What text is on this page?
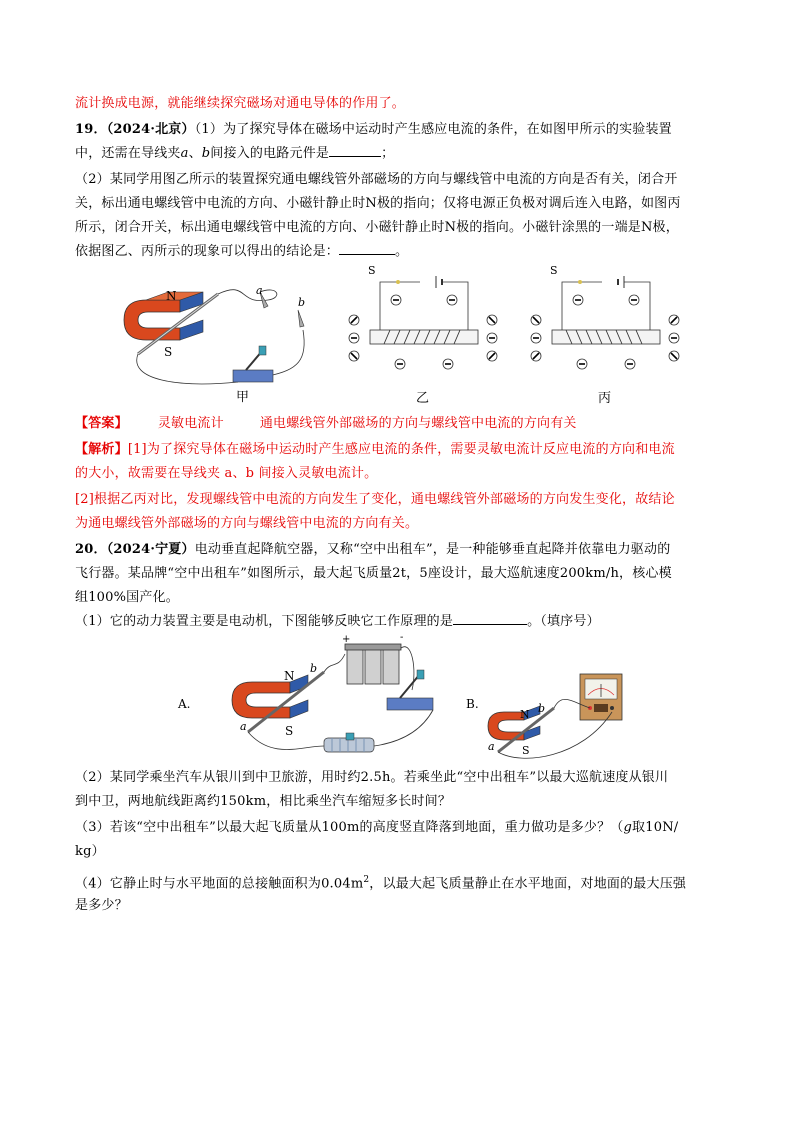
流计换成电源，就能继续探究磁场对通电导体的作用了。
19．（2024·北京）（1）为了探究导体在磁场中运动时产生感应电流的条件，在如图甲所示的实验装置
中，还需在导线夹a、b间接入的电路元件是	；
（2）某同学用图乙所示的装置探究通电螺线管外部磁场的方向与螺线管中电流的方向是否有关，闭合开
关，标出通电螺线管中电流的方向、小磁针静止时N极的指向；仅将电源正负极对调后连入电路，如图丙
所示，闭合开关，标出通电螺线管中电流的方向、小磁针静止时N极的指向。小磁针涂黑的一端是N极，
依据图乙、丙所示的现象可以得出的结论是：	。
N
S
a
b
甲
S
乙
S
丙
【答案】 灵敏电流计	通电螺线管外部磁场的方向与螺线管中电流的方向有关
【解析】[1]为了探究导体在磁场中运动时产生感应电流的条件，需要灵敏电流计反应电流的方向和电流
的大小，故需要在导线夹 a、b 间接入灵敏电流计。
[2]根据乙丙对比，发现螺线管中电流的方向发生了变化，通电螺线管外部磁场的方向发生变化，故结论
为通电螺线管外部磁场的方向与螺线管中电流的方向有关。
20．（2024·宁夏）电动垂直起降航空器，又称“空中出租车”，是一种能够垂直起降并依靠电力驱动的
飞行器。某品牌“空中出租车”如图所示，最大起飞质量2t，5座设计，最大巡航速度200km/h，核心模
组100%国产化。
（1）它的动力装置主要是电动机，下图能够反映它工作原理的是	。（填序号）
A.
N
S
a
b
+	-
B.
N
S
a
b
（2）某同学乘坐汽车从银川到中卫旅游，用时约2.5h。若乘坐此“空中出租车”以最大巡航速度从银川
到中卫，两地航线距离约150km，相比乘坐汽车缩短多长时间？
（3）若该“空中出租车”以最大起飞质量从100m的高度竖直降落到地面，重力做功是多少？（g取10N/
kg）
（4）它静止时与水平地面的总接触面积为$0.04m^2$，以最大起飞质量静止在水平地面，对地面的最大压强
是多少？
